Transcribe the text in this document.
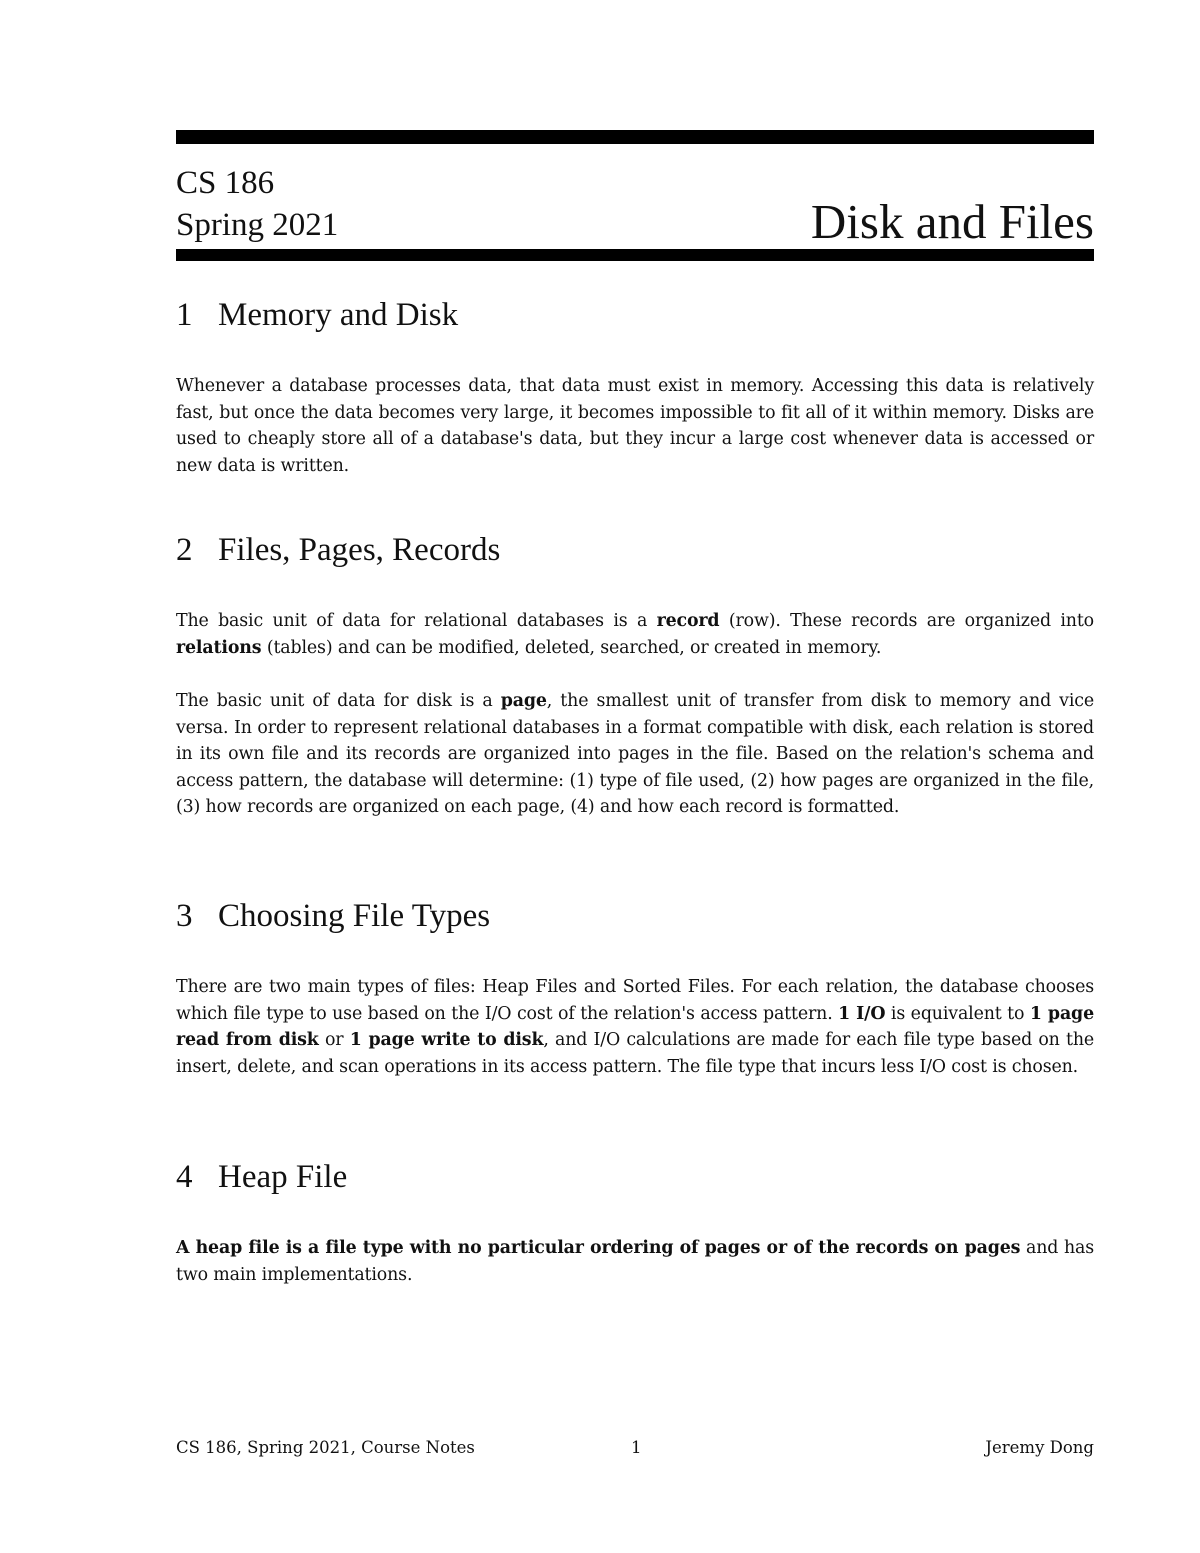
CS 186
Spring 2021	Disk and Files
1 Memory and Disk

Whenever a database processes data, that data must exist in memory. Accessing this data is relatively fast, but once the data becomes very large, it becomes impossible to fit all of it within memory. Disks are used to cheaply store all of a database's data, but they incur a large cost whenever data is accessed or new data is written.

2 Files, Pages, Records

The basic unit of data for relational databases is a record (row). These records are organized into relations (tables) and can be modified, deleted, searched, or created in memory.

The basic unit of data for disk is a page, the smallest unit of transfer from disk to memory and vice versa. In order to represent relational databases in a format compatible with disk, each relation is stored in its own file and its records are organized into pages in the file. Based on the relation's schema and access pattern, the database will determine: (1) type of file used, (2) how pages are organized in the file, (3) how records are organized on each page, (4) and how each record is formatted.

3 Choosing File Types

There are two main types of files: Heap Files and Sorted Files. For each relation, the database chooses which file type to use based on the I/O cost of the relation's access pattern. 1 I/O is equivalent to 1 page read from disk or 1 page write to disk, and I/O calculations are made for each file type based on the insert, delete, and scan operations in its access pattern. The file type that incurs less I/O cost is chosen.

4 Heap File

A heap file is a file type with no particular ordering of pages or of the records on pages and has two main implementations.

CS 186, Spring 2021, Course Notes	1	Jeremy Dong
